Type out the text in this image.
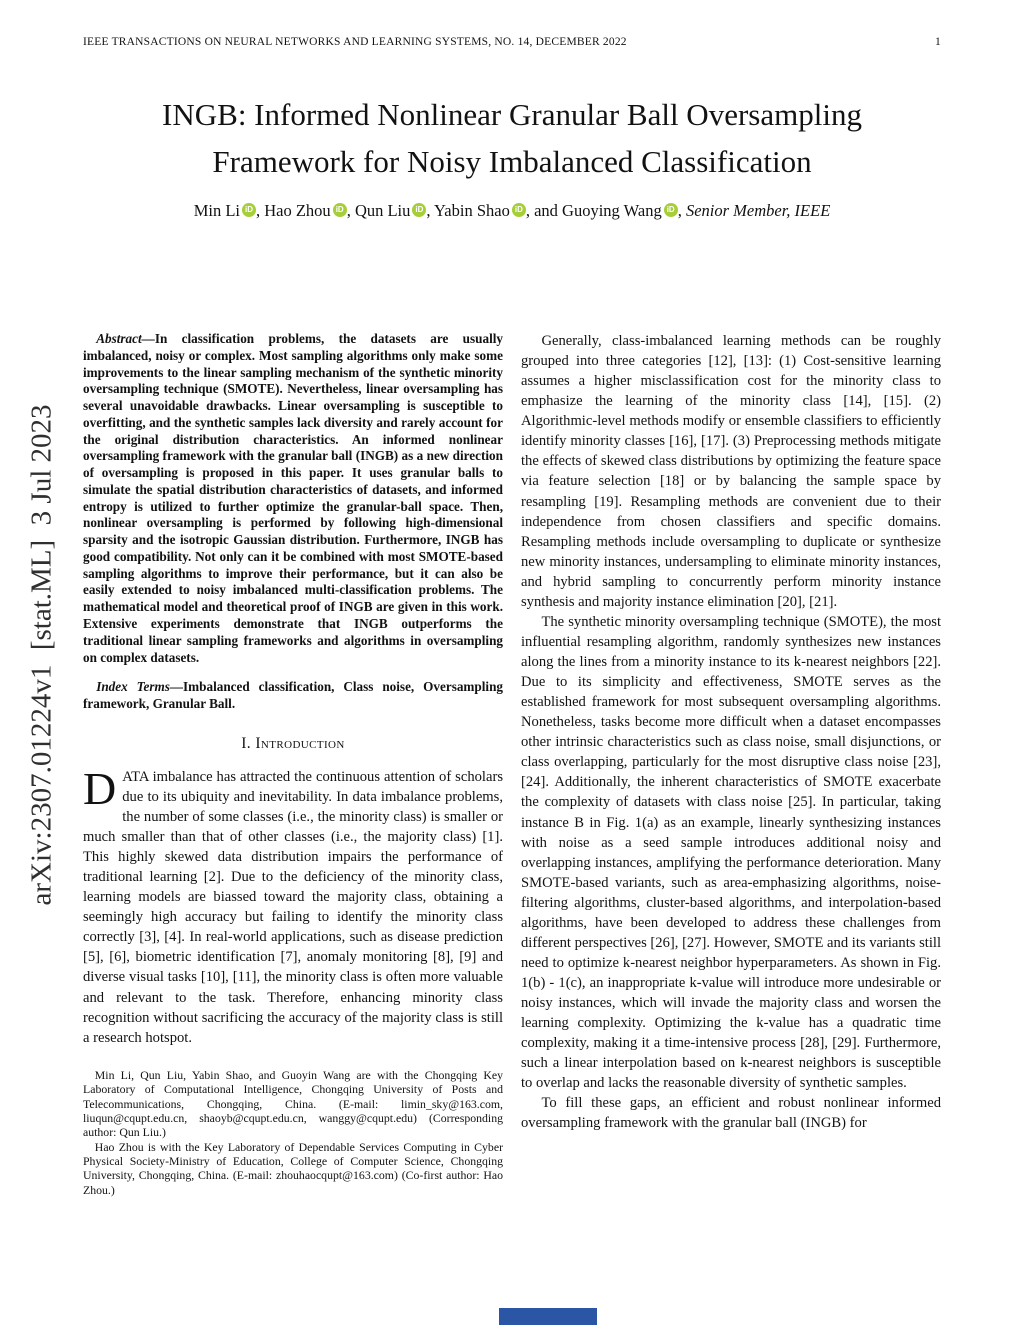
IEEE TRANSACTIONS ON NEURAL NETWORKS AND LEARNING SYSTEMS, NO. 14, DECEMBER 2022	1
arXiv:2307.01224v1  [stat.ML]  3 Jul 2023
INGB: Informed Nonlinear Granular Ball Oversampling Framework for Noisy Imbalanced Classification
Min Li iD , Hao Zhou iD , Qun Liu iD , Yabin Shao iD , and Guoying Wang iD , Senior Member, IEEE

Abstract—In classification problems, the datasets are usually imbalanced, noisy or complex. Most sampling algorithms only make some improvements to the linear sampling mechanism of the synthetic minority oversampling technique (SMOTE). Nevertheless, linear oversampling has several unavoidable drawbacks. Linear oversampling is susceptible to overfitting, and the synthetic samples lack diversity and rarely account for the original distribution characteristics. An informed nonlinear oversampling framework with the granular ball (INGB) as a new direction of oversampling is proposed in this paper. It uses granular balls to simulate the spatial distribution characteristics of datasets, and informed entropy is utilized to further optimize the granular-ball space. Then, nonlinear oversampling is performed by following high-dimensional sparsity and the isotropic Gaussian distribution. Furthermore, INGB has good compatibility. Not only can it be combined with most SMOTE-based sampling algorithms to improve their performance, but it can also be easily extended to noisy imbalanced multi-classification problems. The mathematical model and theoretical proof of INGB are given in this work. Extensive experiments demonstrate that INGB outperforms the traditional linear sampling frameworks and algorithms in oversampling on complex datasets.

Index Terms—Imbalanced classification, Class noise, Oversampling framework, Granular Ball.

I. Introduction

DATA imbalance has attracted the continuous attention of scholars due to its ubiquity and inevitability. In data imbalance problems, the number of some classes (i.e., the minority class) is smaller or much smaller than that of other classes (i.e., the majority class) [1]. This highly skewed data distribution impairs the performance of traditional learning [2]. Due to the deficiency of the minority class, learning models are biassed toward the majority class, obtaining a seemingly high accuracy but failing to identify the minority class correctly [3], [4]. In real-world applications, such as disease prediction [5], [6], biometric identification [7], anomaly monitoring [8], [9] and diverse visual tasks [10], [11], the minority class is often more valuable and relevant to the task. Therefore, enhancing minority class recognition without sacrificing the accuracy of the majority class is still a research hotspot.

Min Li, Qun Liu, Yabin Shao, and Guoyin Wang are with the Chongqing Key Laboratory of Computational Intelligence, Chongqing University of Posts and Telecommunications, Chongqing, China. (E-mail: limin_sky@163.com, liuqun@cqupt.edu.cn, shaoyb@cqupt.edu.cn, wanggy@cqupt.edu) (Corresponding author: Qun Liu.)

Hao Zhou is with the Key Laboratory of Dependable Services Computing in Cyber Physical Society-Ministry of Education, College of Computer Science, Chongqing University, Chongqing, China. (E-mail: zhouhaocqupt@163.com) (Co-first author: Hao Zhou.)

Generally, class-imbalanced learning methods can be roughly grouped into three categories [12], [13]: (1) Cost-sensitive learning assumes a higher misclassification cost for the minority class to emphasize the learning of the minority class [14], [15]. (2) Algorithmic-level methods modify or ensemble classifiers to efficiently identify minority classes [16], [17]. (3) Preprocessing methods mitigate the effects of skewed class distributions by optimizing the feature space via feature selection [18] or by balancing the sample space by resampling [19]. Resampling methods are convenient due to their independence from chosen classifiers and specific domains. Resampling methods include oversampling to duplicate or synthesize new minority instances, undersampling to eliminate minority instances, and hybrid sampling to concurrently perform minority instance synthesis and majority instance elimination [20], [21].

The synthetic minority oversampling technique (SMOTE), the most influential resampling algorithm, randomly synthesizes new instances along the lines from a minority instance to its k-nearest neighbors [22]. Due to its simplicity and effectiveness, SMOTE serves as the established framework for most subsequent oversampling algorithms. Nonetheless, tasks become more difficult when a dataset encompasses other intrinsic characteristics such as class noise, small disjunctions, or class overlapping, particularly for the most disruptive class noise [23], [24]. Additionally, the inherent characteristics of SMOTE exacerbate the complexity of datasets with class noise [25]. In particular, taking instance B in Fig. 1(a) as an example, linearly synthesizing instances with noise as a seed sample introduces additional noisy and overlapping instances, amplifying the performance deterioration. Many SMOTE-based variants, such as area-emphasizing algorithms, noise-filtering algorithms, cluster-based algorithms, and interpolation-based algorithms, have been developed to address these challenges from different perspectives [26], [27]. However, SMOTE and its variants still need to optimize k-nearest neighbor hyperparameters. As shown in Fig. 1(b) - 1(c), an inappropriate k-value will introduce more undesirable or noisy instances, which will invade the majority class and worsen the learning complexity. Optimizing the k-value has a quadratic time complexity, making it a time-intensive process [28], [29]. Furthermore, such a linear interpolation based on k-nearest neighbors is susceptible to overlap and lacks the reasonable diversity of synthetic samples.

To fill these gaps, an efficient and robust nonlinear informed oversampling framework with the granular ball (INGB) for
